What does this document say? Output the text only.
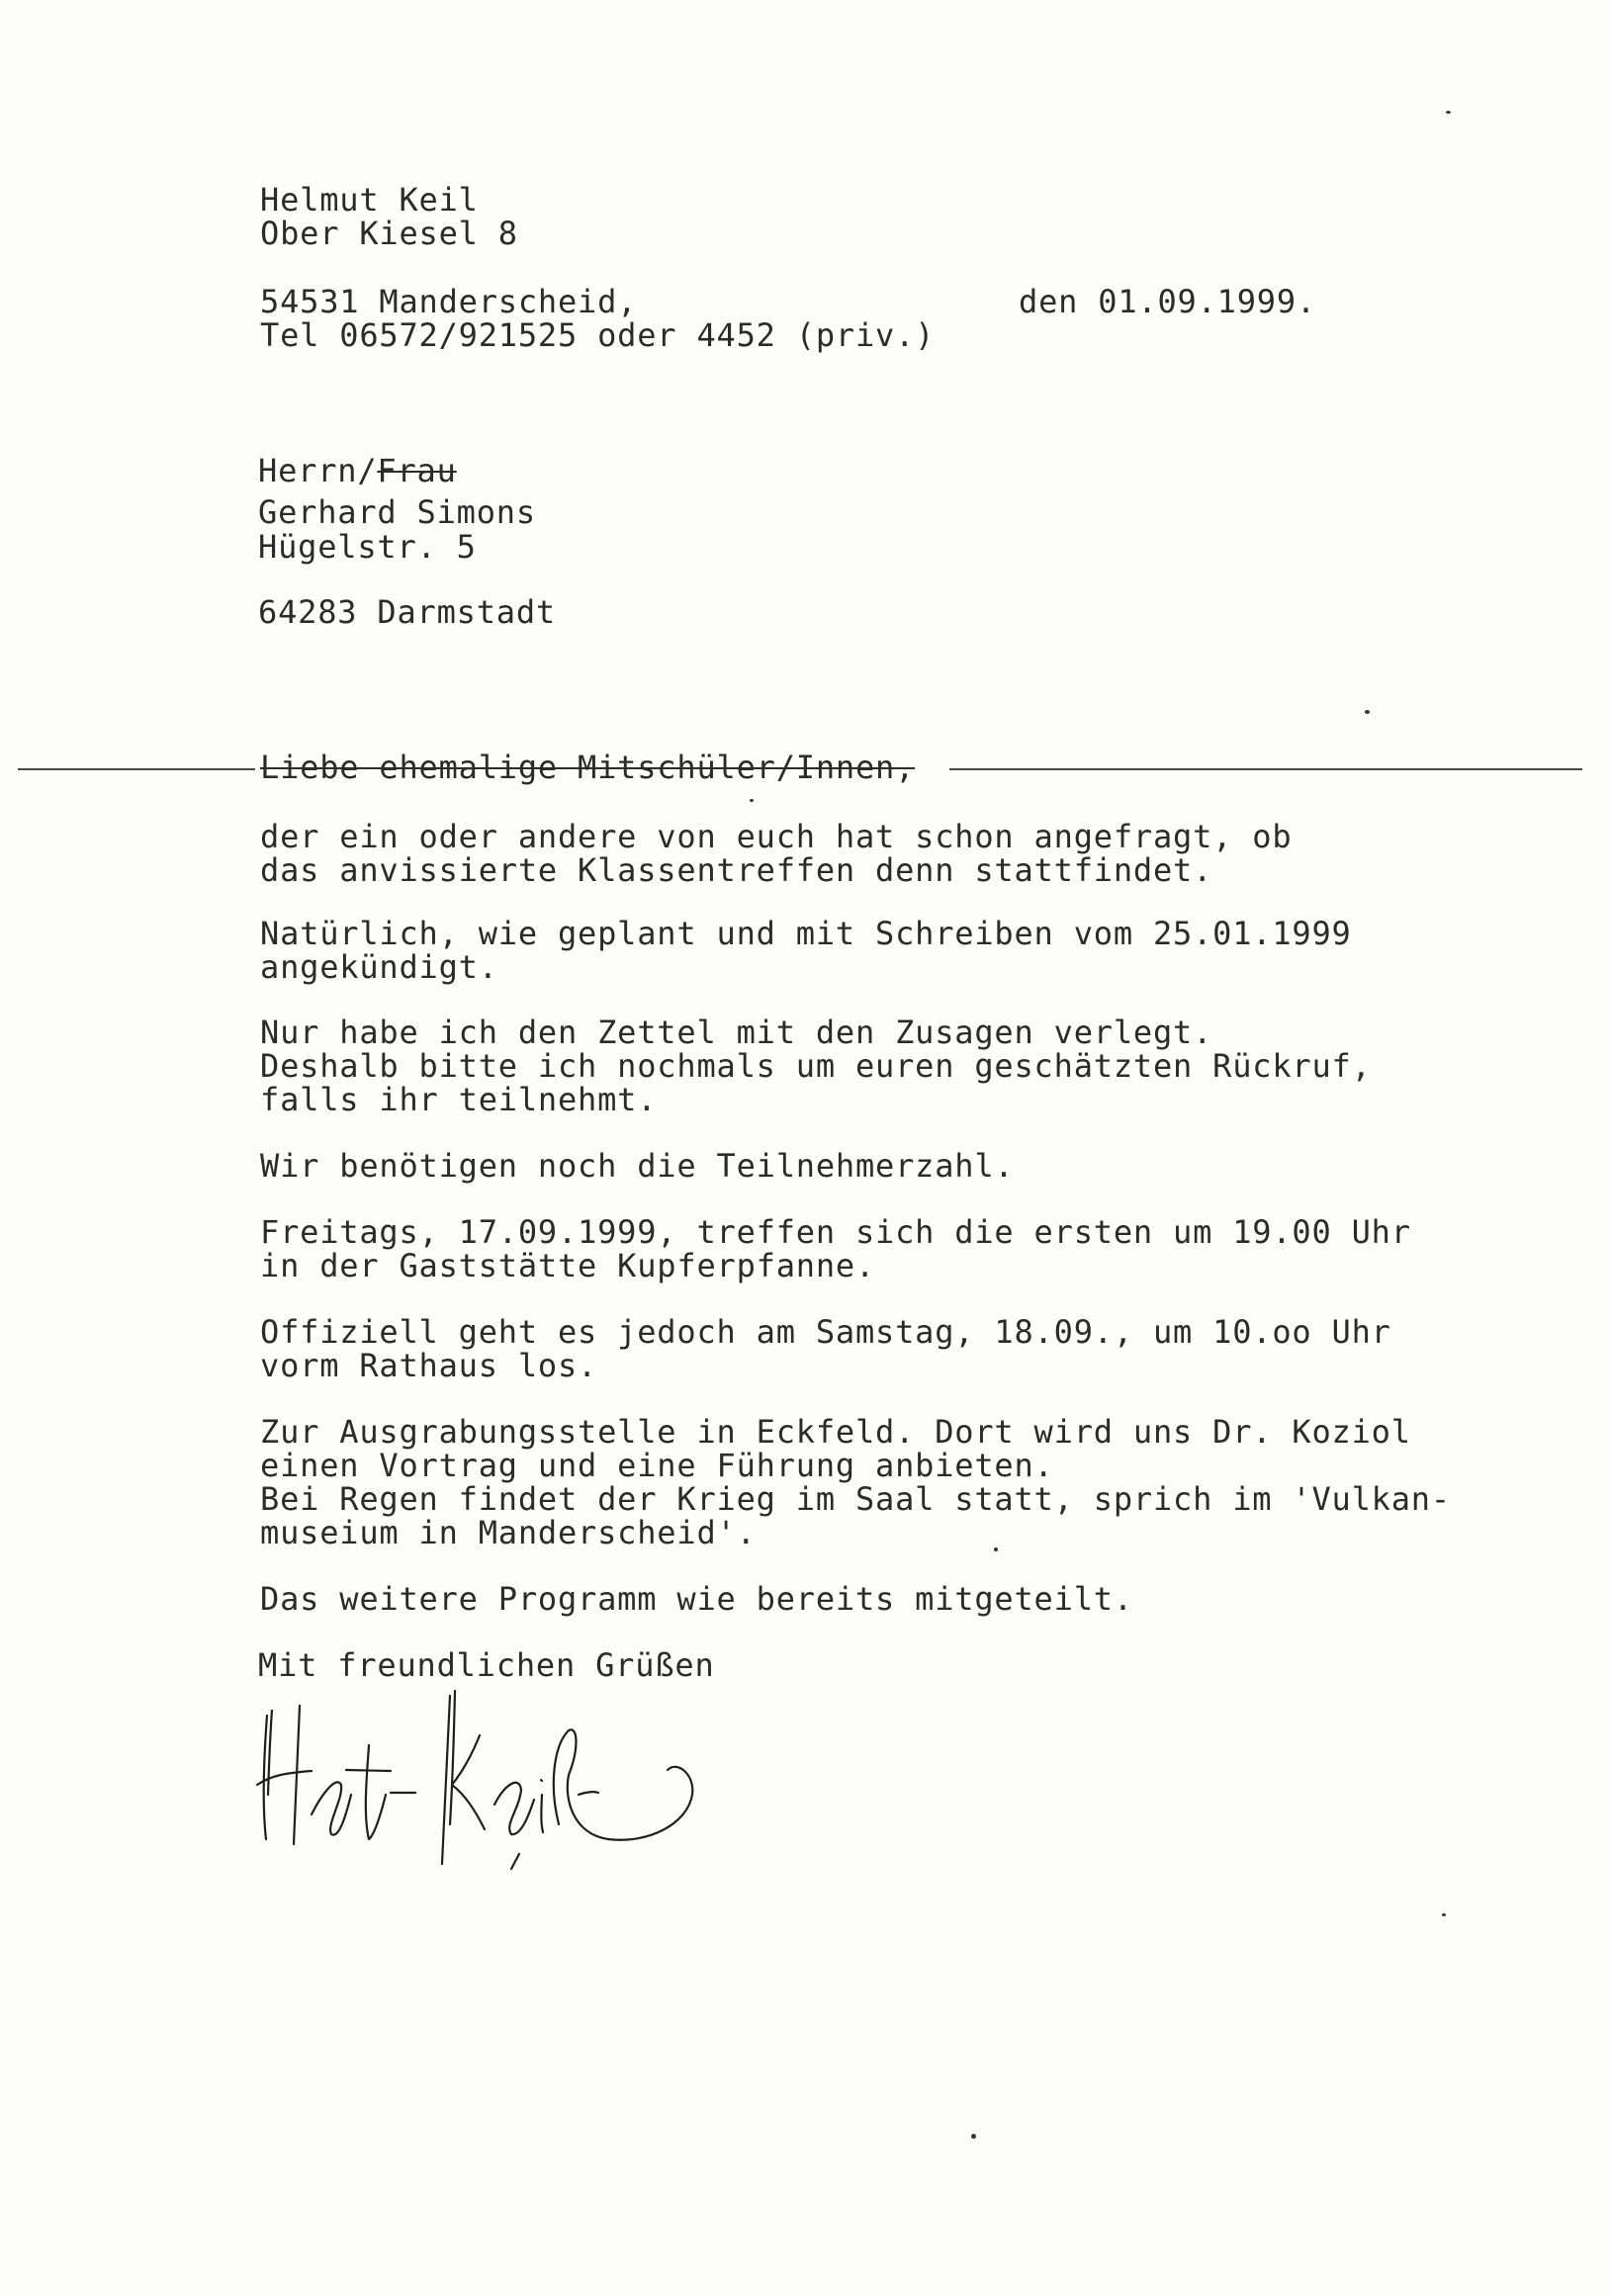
Helmut Keil
Ober Kiesel 8
54531 Manderscheid,
Tel 06572/921525 oder 4452 (priv.)
den 01.09.1999.
Herrn/Frau
Gerhard Simons
Hügelstr. 5
64283 Darmstadt
Liebe ehemalige Mitschüler/Innen,
der ein oder andere von euch hat schon angefragt, ob
das anvissierte Klassentreffen denn stattfindet.
Natürlich, wie geplant und mit Schreiben vom 25.01.1999
angekündigt.
Nur habe ich den Zettel mit den Zusagen verlegt.
Deshalb bitte ich nochmals um euren geschätzten Rückruf,
falls ihr teilnehmt.
Wir benötigen noch die Teilnehmerzahl.
Freitags, 17.09.1999, treffen sich die ersten um 19.00 Uhr
in der Gaststätte Kupferpfanne.
Offiziell geht es jedoch am Samstag, 18.09., um 10.oo Uhr
vorm Rathaus los.
Zur Ausgrabungsstelle in Eckfeld. Dort wird uns Dr. Koziol
einen Vortrag und eine Führung anbieten.
Bei Regen findet der Krieg im Saal statt, sprich im 'Vulkan-
museium in Manderscheid'.
Das weitere Programm wie bereits mitgeteilt.
Mit freundlichen Grüßen
